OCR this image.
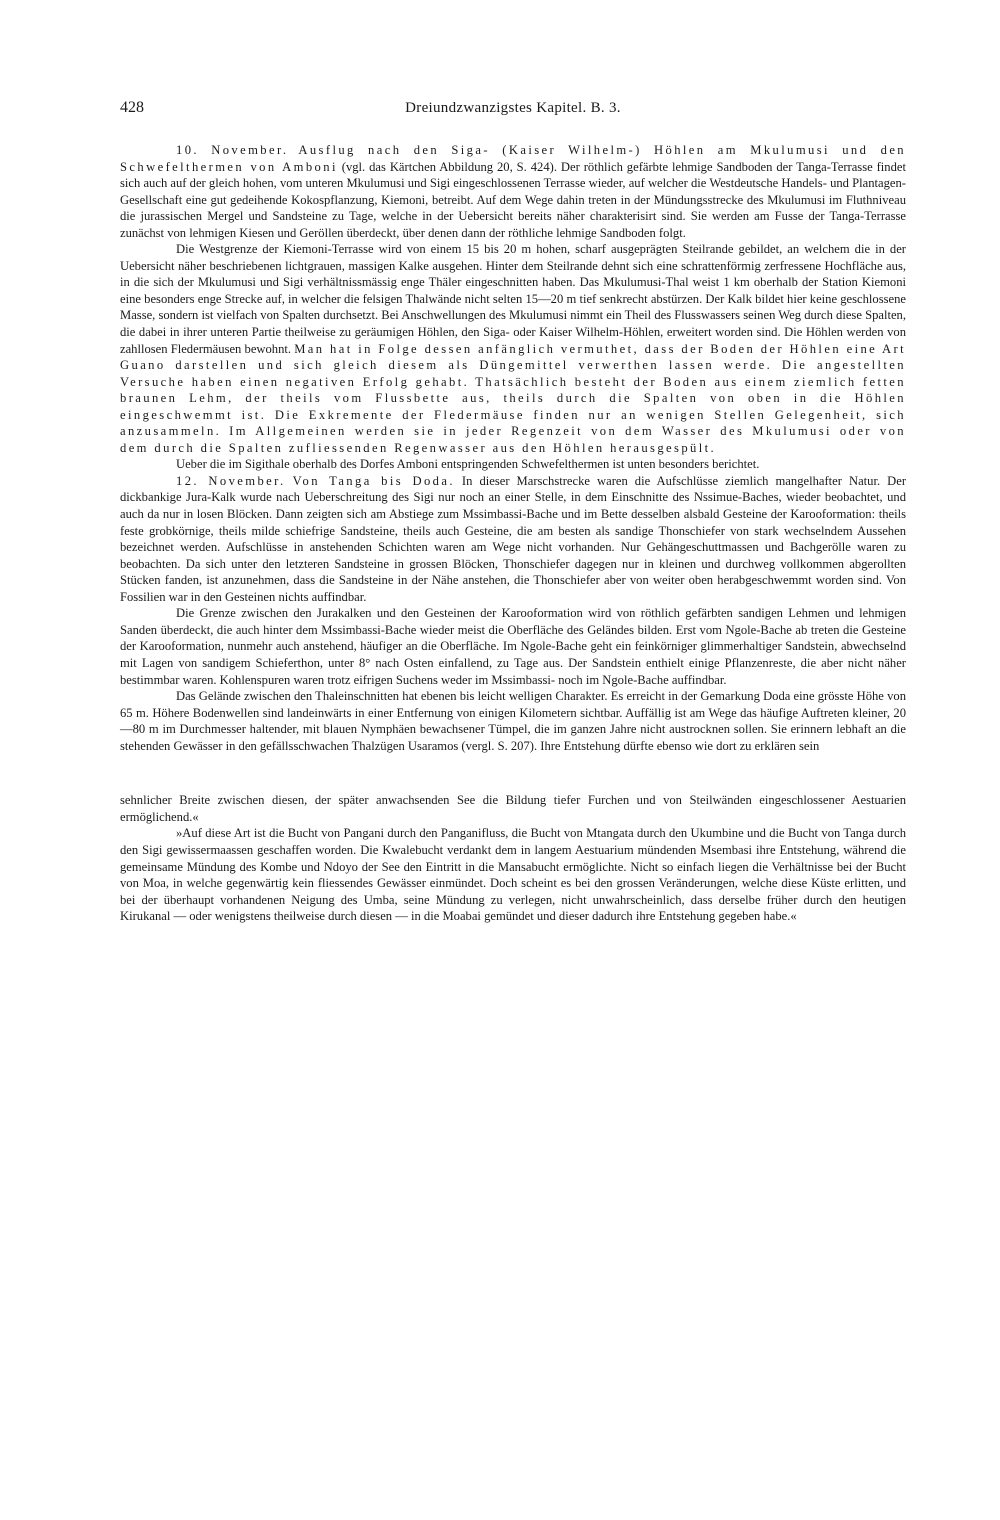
428	Dreiundzwanzigstes Kapitel. B. 3.

10. November. Ausflug nach den Siga- (Kaiser Wilhelm-) Höhlen am Mkulumusi und den Schwefelthermen von Amboni (vgl. das Kärtchen Abbildung 20, S. 424). Der röthlich gefärbte lehmige Sandboden der Tanga-Terrasse findet sich auch auf der gleich hohen, vom unteren Mkulumusi und Sigi eingeschlossenen Terrasse wieder, auf welcher die Westdeutsche Handels- und Plantagen-Gesellschaft eine gut gedeihende Kokospflanzung, Kiemoni, betreibt. Auf dem Wege dahin treten in der Mündungsstrecke des Mkulumusi im Fluthniveau die jurassischen Mergel und Sandsteine zu Tage, welche in der Uebersicht bereits näher charakterisirt sind. Sie werden am Fusse der Tanga-Terrasse zunächst von lehmigen Kiesen und Geröllen überdeckt, über denen dann der röthliche lehmige Sandboden folgt.

Die Westgrenze der Kiemoni-Terrasse wird von einem 15 bis 20 m hohen, scharf ausgeprägten Steilrande gebildet, an welchem die in der Uebersicht näher beschriebenen lichtgrauen, massigen Kalke ausgehen. Hinter dem Steilrande dehnt sich eine schrattenförmig zerfressene Hochfläche aus, in die sich der Mkulumusi und Sigi verhältnissmässig enge Thäler eingeschnitten haben. Das Mkulumusi-Thal weist 1 km oberhalb der Station Kiemoni eine besonders enge Strecke auf, in welcher die felsigen Thalwände nicht selten 15—20 m tief senkrecht abstürzen. Der Kalk bildet hier keine geschlossene Masse, sondern ist vielfach von Spalten durchsetzt. Bei Anschwellungen des Mkulumusi nimmt ein Theil des Flusswassers seinen Weg durch diese Spalten, die dabei in ihrer unteren Partie theilweise zu geräumigen Höhlen, den Siga- oder Kaiser Wilhelm-Höhlen, erweitert worden sind. Die Höhlen werden von zahllosen Fledermäusen bewohnt. Man hat in Folge dessen anfänglich vermuthet, dass der Boden der Höhlen eine Art Guano darstellen und sich gleich diesem als Düngemittel verwerthen lassen werde. Die angestellten Versuche haben einen negativen Erfolg gehabt. Thatsächlich besteht der Boden aus einem ziemlich fetten braunen Lehm, der theils vom Flussbette aus, theils durch die Spalten von oben in die Höhlen eingeschwemmt ist. Die Exkremente der Fledermäuse finden nur an wenigen Stellen Gelegenheit, sich anzusammeln. Im Allgemeinen werden sie in jeder Regenzeit von dem Wasser des Mkulumusi oder von dem durch die Spalten zufliessenden Regenwasser aus den Höhlen herausgespült.

Ueber die im Sigithale oberhalb des Dorfes Amboni entspringenden Schwefelthermen ist unten besonders berichtet.

12. November. Von Tanga bis Doda. In dieser Marschstrecke waren die Aufschlüsse ziemlich mangelhafter Natur. Der dickbankige Jura-Kalk wurde nach Ueberschreitung des Sigi nur noch an einer Stelle, in dem Einschnitte des Nssimue-Baches, wieder beobachtet, und auch da nur in losen Blöcken. Dann zeigten sich am Abstiege zum Mssimbassi-Bache und im Bette desselben alsbald Gesteine der Karooformation: theils feste grobkörnige, theils milde schiefrige Sandsteine, theils auch Gesteine, die am besten als sandige Thonschiefer von stark wechselndem Aussehen bezeichnet werden. Aufschlüsse in anstehenden Schichten waren am Wege nicht vorhanden. Nur Gehängeschuttmassen und Bachgerölle waren zu beobachten. Da sich unter den letzteren Sandsteine in grossen Blöcken, Thonschiefer dagegen nur in kleinen und durchweg vollkommen abgerollten Stücken fanden, ist anzunehmen, dass die Sandsteine in der Nähe anstehen, die Thonschiefer aber von weiter oben herabgeschwemmt worden sind. Von Fossilien war in den Gesteinen nichts auffindbar.

Die Grenze zwischen den Jurakalken und den Gesteinen der Karooformation wird von röthlich gefärbten sandigen Lehmen und lehmigen Sanden überdeckt, die auch hinter dem Mssimbassi-Bache wieder meist die Oberfläche des Geländes bilden. Erst vom Ngole-Bache ab treten die Gesteine der Karooformation, nunmehr auch anstehend, häufiger an die Oberfläche. Im Ngole-Bache geht ein feinkörniger glimmerhaltiger Sandstein, abwechselnd mit Lagen von sandigem Schieferthon, unter 8° nach Osten einfallend, zu Tage aus. Der Sandstein enthielt einige Pflanzenreste, die aber nicht näher bestimmbar waren. Kohlenspuren waren trotz eifrigen Suchens weder im Mssimbassi- noch im Ngole-Bache auffindbar.

Das Gelände zwischen den Thaleinschnitten hat ebenen bis leicht welligen Charakter. Es erreicht in der Gemarkung Doda eine grösste Höhe von 65 m. Höhere Bodenwellen sind landeinwärts in einer Entfernung von einigen Kilometern sichtbar. Auffällig ist am Wege das häufige Auftreten kleiner, 20—80 m im Durchmesser haltender, mit blauen Nymphäen bewachsener Tümpel, die im ganzen Jahre nicht austrocknen sollen. Sie erinnern lebhaft an die stehenden Gewässer in den gefällsschwachen Thalzügen Usaramos (vergl. S. 207). Ihre Entstehung dürfte ebenso wie dort zu erklären sein

sehnlicher Breite zwischen diesen, der später anwachsenden See die Bildung tiefer Furchen und von Steilwänden eingeschlossener Aestuarien ermöglichend.«

»Auf diese Art ist die Bucht von Pangani durch den Panganifluss, die Bucht von Mtangata durch den Ukumbine und die Bucht von Tanga durch den Sigi gewissermaassen geschaffen worden. Die Kwalebucht verdankt dem in langem Aestuarium mündenden Msembasi ihre Entstehung, während die gemeinsame Mündung des Kombe und Ndoyo der See den Eintritt in die Mansabucht ermöglichte. Nicht so einfach liegen die Verhältnisse bei der Bucht von Moa, in welche gegenwärtig kein fliessendes Gewässer einmündet. Doch scheint es bei den grossen Veränderungen, welche diese Küste erlitten, und bei der überhaupt vorhandenen Neigung des Umba, seine Mündung zu verlegen, nicht unwahrscheinlich, dass derselbe früher durch den heutigen Kirukanal — oder wenigstens theilweise durch diesen — in die Moabai gemündet und dieser dadurch ihre Entstehung gegeben habe.«
